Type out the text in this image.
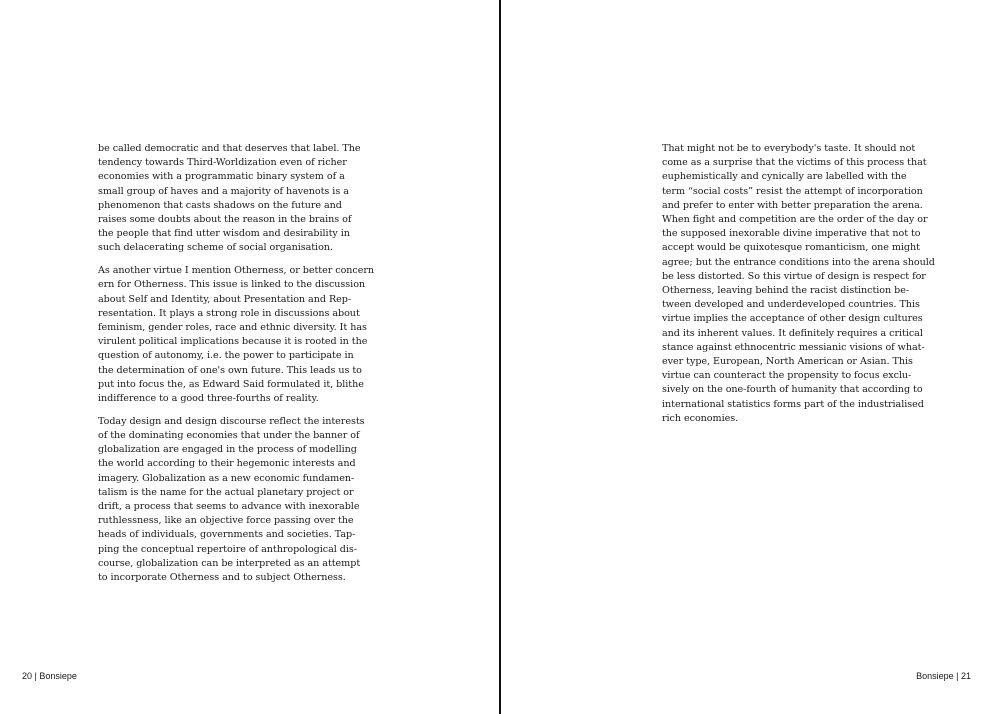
be called democratic and that deserves that label. The
tendency towards Third-Worldization even of richer
economies with a programmatic binary system of a
small group of haves and a majority of havenots is a
phenomenon that casts shadows on the future and
raises some doubts about the reason in the brains of
the people that find utter wisdom and desirability in
such delacerating scheme of social organisation.

As another virtue I mention Otherness, or better concern
ern for Otherness. This issue is linked to the discussion
about Self and Identity, about Presentation and Rep-
resentation. It plays a strong role in discussions about
feminism, gender roles, race and ethnic diversity. It has
virulent political implications because it is rooted in the
question of autonomy, i.e. the power to participate in
the determination of one's own future. This leads us to
put into focus the, as Edward Said formulated it, blithe
indifference to a good three-fourths of reality.

Today design and design discourse reflect the interests
of the dominating economies that under the banner of
globalization are engaged in the process of modelling
the world according to their hegemonic interests and
imagery. Globalization as a new economic fundamen-
talism is the name for the actual planetary project or
drift, a process that seems to advance with inexorable
ruthlessness, like an objective force passing over the
heads of individuals, governments and societies. Tap-
ping the conceptual repertoire of anthropological dis-
course, globalization can be interpreted as an attempt
to incorporate Otherness and to subject Otherness.

20 | Bonsiepe

That might not be to everybody's taste. It should not
come as a surprise that the victims of this process that
euphemistically and cynically are labelled with the
term “social costs” resist the attempt of incorporation
and prefer to enter with better preparation the arena.
When fight and competition are the order of the day or
the supposed inexorable divine imperative that not to
accept would be quixotesque romanticism, one might
agree; but the entrance conditions into the arena should
be less distorted. So this virtue of design is respect for
Otherness, leaving behind the racist distinction be-
tween developed and underdeveloped countries. This
virtue implies the acceptance of other design cultures
and its inherent values. It definitely requires a critical
stance against ethnocentric messianic visions of what-
ever type, European, North American or Asian. This
virtue can counteract the propensity to focus exclu-
sively on the one-fourth of humanity that according to
international statistics forms part of the industrialised
rich economies.

Bonsiepe | 21
